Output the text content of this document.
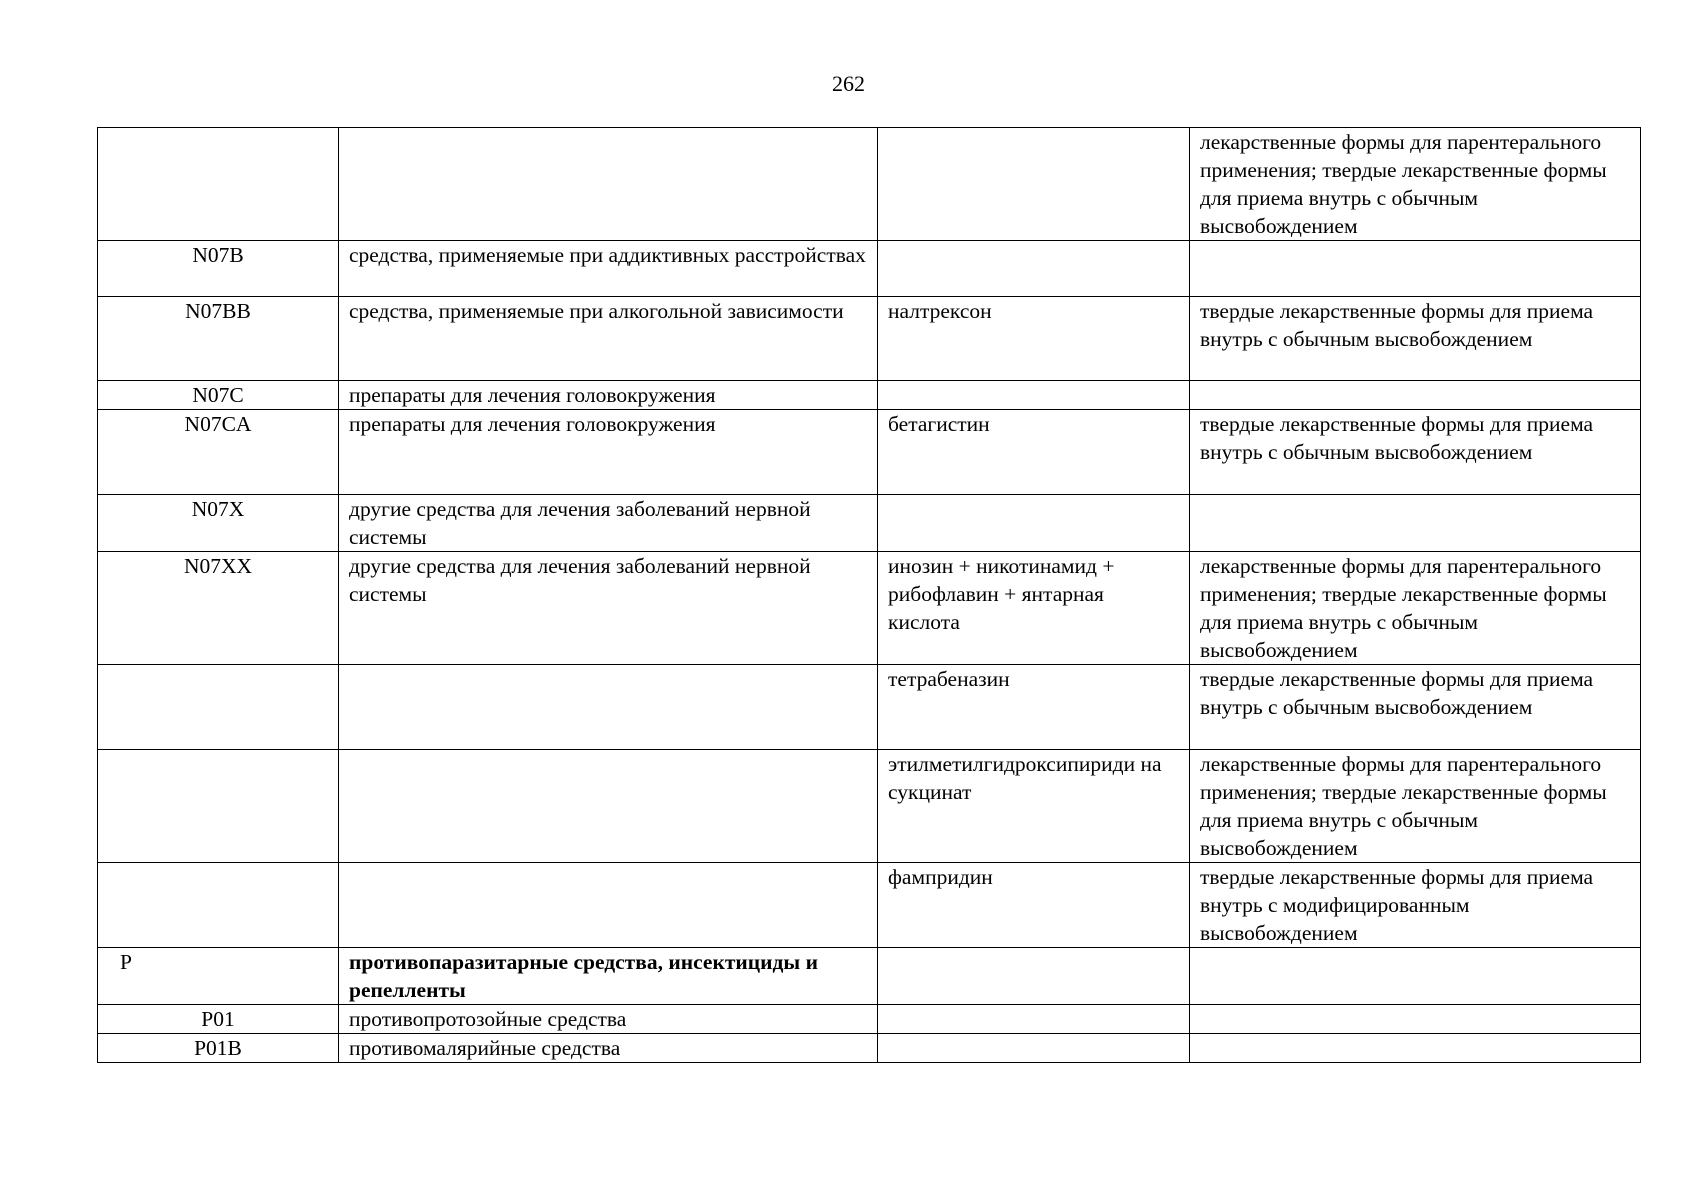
262
			лекарственные формы для парентерального применения; твердые лекарственные формы для приема внутрь с обычным высвобождением
N07B	средства, применяемые при аддиктивных расстройствах		
N07BB	средства, применяемые при алкогольной зависимости	налтрексон	твердые лекарственные формы для приема внутрь с обычным высвобождением
N07C	препараты для лечения головокружения		
N07CA	препараты для лечения головокружения	бетагистин	твердые лекарственные формы для приема внутрь с обычным высвобождением
N07X	другие средства для лечения заболеваний нервной системы		
N07XX	другие средства для лечения заболеваний нервной системы	инозин + никотинамид + рибофлавин + янтарная кислота	лекарственные формы для парентерального применения; твердые лекарственные формы для приема внутрь с обычным высвобождением
		тетрабеназин	твердые лекарственные формы для приема внутрь с обычным высвобождением
		этилметилгидроксипириди на сукцинат	лекарственные формы для парентерального применения; твердые лекарственные формы для приема внутрь с обычным высвобождением
		фампридин	твердые лекарственные формы для приема внутрь с модифицированным высвобождением
P	противопаразитарные средства, инсектициды и репелленты		
P01	противопротозойные средства		
P01B	противомалярийные средства		
